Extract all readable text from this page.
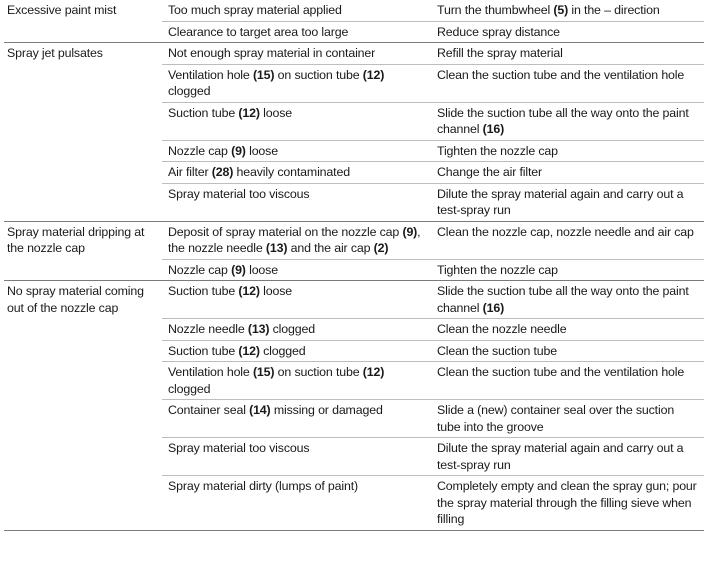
Excessive paint mist	Too much spray material applied	Turn the thumbwheel (5) in the – direction
	Clearance to target area too large	Reduce spray distance
Spray jet pulsates	Not enough spray material in container	Refill the spray material
	Ventilation hole (15) on suction tube (12) clogged	Clean the suction tube and the ventilation hole
	Suction tube (12) loose	Slide the suction tube all the way onto the paint channel (16)
	Nozzle cap (9) loose	Tighten the nozzle cap
	Air filter (28) heavily contaminated	Change the air filter
	Spray material too viscous	Dilute the spray material again and carry out a test-spray run
Spray material dripping at the nozzle cap	Deposit of spray material on the nozzle cap (9), the nozzle needle (13) and the air cap (2)	Clean the nozzle cap, nozzle needle and air cap
	Nozzle cap (9) loose	Tighten the nozzle cap
No spray material coming out of the nozzle cap	Suction tube (12) loose	Slide the suction tube all the way onto the paint channel (16)
	Nozzle needle (13) clogged	Clean the nozzle needle
	Suction tube (12) clogged	Clean the suction tube
	Ventilation hole (15) on suction tube (12) clogged	Clean the suction tube and the ventilation hole
	Container seal (14) missing or damaged	Slide a (new) container seal over the suction tube into the groove
	Spray material too viscous	Dilute the spray material again and carry out a test-spray run
	Spray material dirty (lumps of paint)	Completely empty and clean the spray gun; pour the spray material through the filling sieve when filling
